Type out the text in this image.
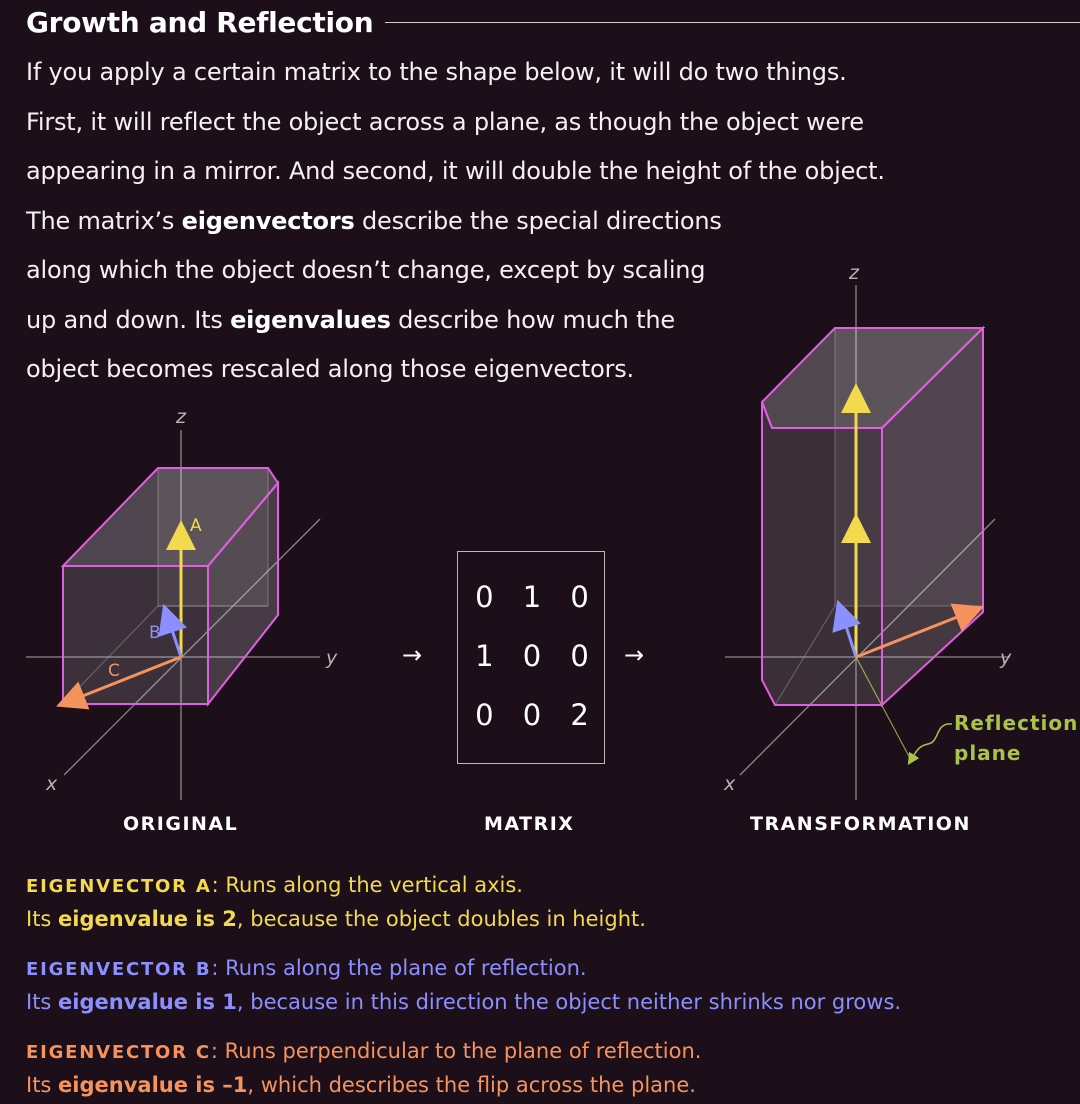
Growth and Reflection
If you apply a certain matrix to the shape below, it will do two things.
First, it will reflect the object across a plane, as though the object were
appearing in a mirror. And second, it will double the height of the object.
The matrix’s eigenvectors describe the special directions
along which the object doesn’t change, except by scaling
up and down. Its eigenvalues describe how much the
object becomes rescaled along those eigenvectors.
z
y
x
A
B
C
z
y
x
→	→
0 1 0
1 0 0
0 0 2	Reflection
plane
ORIGINAL	MATRIX	TRANSFORMATION
EIGENVECTOR A: Runs along the vertical axis.
Its eigenvalue is 2, because the object doubles in height.
EIGENVECTOR B: Runs along the plane of reflection.
Its eigenvalue is 1, because in this direction the object neither shrinks nor grows.
EIGENVECTOR C: Runs perpendicular to the plane of reflection.
Its eigenvalue is –1, which describes the flip across the plane.
